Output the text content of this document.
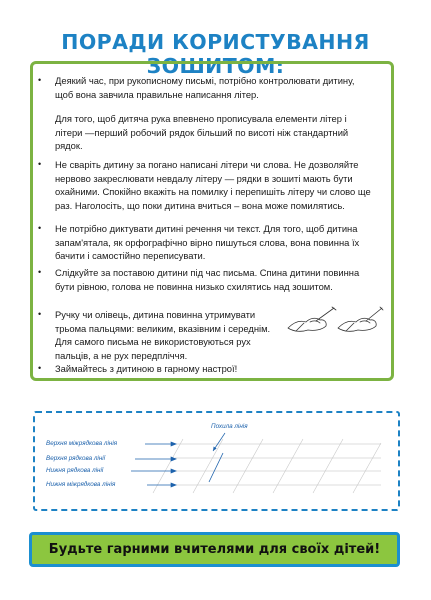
ПОРАДИ КОРИСТУВАННЯ ЗОШИТОМ:
• Деякий час, при рукописному письмі, потрібно контролювати дитину, щоб вона завчила правильне написання літер.
Для того, щоб дитяча рука впевнено прописувала елементи літер і літери —перший робочий рядок більший по висоті ніж стандартний рядок.
• Не сваріть дитину за погано написані літери чи слова. Не дозволяйте нервово закреслювати невдалу літеру — рядки в зошиті мають бути охайними. Спокійно вкажіть на помилку і перепишіть літеру чи слово ще раз. Наголосіть, що поки дитина вчиться – вона може помилятись.
• Не потрібно диктувати дитині речення чи текст. Для того, щоб дитина запам'ятала, як орфографічно вірно пишуться слова, вона повинна їх бачити і самостійно переписувати.
• Слідкуйте за поставою дитини під час письма. Спина дитини повинна бути рівною, голова не повинна низько схилятись над зошитом.
• Ручку чи олівець, дитина повинна утримувати трьома пальцями: великим, вказівним і середнім. Для самого письма не використовуються рух пальців, а не рух передпліччя.
• Займайтесь з дитиною в гарному настрої!
Похила лінія
Верхня міжрядкова лінія
Верхня рядкова лінії
Нижня рядкова лінії
Нижня міжрядкова лінія
Будьте гарними вчителями для своїх дітей!
